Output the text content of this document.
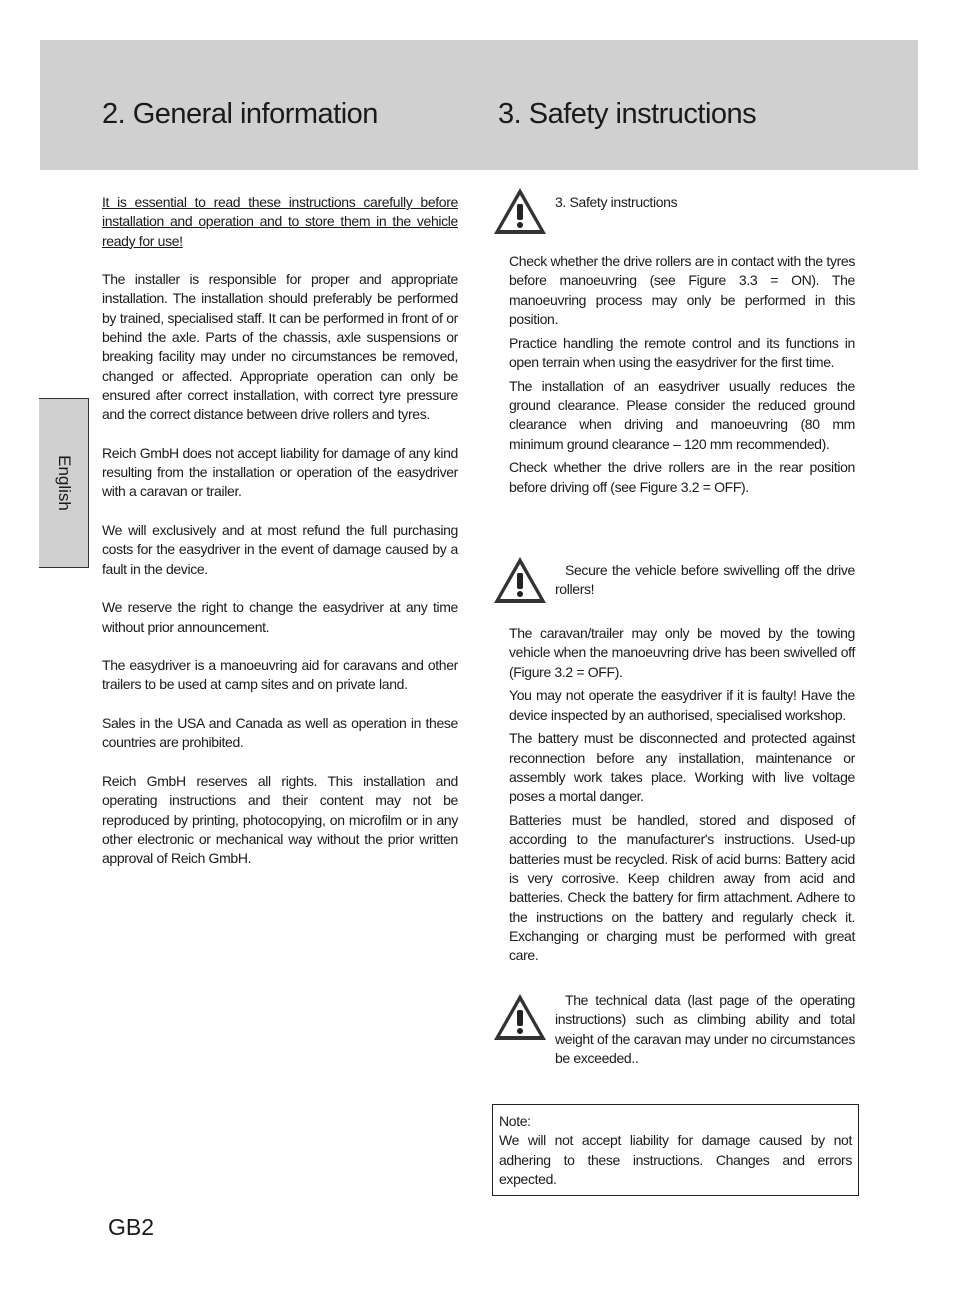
2. General information	3. Safety instructions
English

It is essential to read these instructions carefully before installation and operation and to store them in the vehicle ready for use!

The installer is responsible for proper and appropriate installation. The installation should preferably be performed by trained, specialised staff. It can be performed in front of or behind the axle. Parts of the chassis, axle suspensions or breaking facility may under no circumstances be removed, changed or affected. Appropriate operation can only be ensured after correct installation, with correct tyre pressure and the correct distance between drive rollers and tyres.

Reich GmbH does not accept liability for damage of any kind resulting from the installation or operation of the easydriver with a caravan or trailer.

We will exclusively and at most refund the full purchasing costs for the easydriver in the event of damage caused by a fault in the device.

We reserve the right to change the easydriver at any time without prior announcement.

The easydriver is a manoeuvring aid for caravans and other trailers to be used at camp sites and on private land.

Sales in the USA and Canada as well as operation in these countries are prohibited.

Reich GmbH reserves all rights. This installation and operating instructions and their content may not be reproduced by printing, photocopying, on microfilm or in any other electronic or mechanical way without the prior written approval of Reich GmbH.

3. Safety instructions

Check whether the drive rollers are in contact with the tyres before manoeuvring (see Figure 3.3 = ON). The manoeuvring process may only be performed in this position.

Practice handling the remote control and its functions in open terrain when using the easydriver for the first time.

The installation of an easydriver usually reduces the ground clearance. Please consider the reduced ground clearance when driving and manoeuvring (80 mm minimum ground clearance – 120 mm recommended).

Check whether the drive rollers are in the rear position before driving off (see Figure 3.2 = OFF).

Secure the vehicle before swivelling off the drive rollers!

The caravan/trailer may only be moved by the towing vehicle when the manoeuvring drive has been swivelled off (Figure 3.2 = OFF).

You may not operate the easydriver if it is faulty! Have the device inspected by an authorised, specialised workshop.

The battery must be disconnected and protected against reconnection before any installation, maintenance or assembly work takes place. Working with live voltage poses a mortal danger.

Batteries must be handled, stored and disposed of according to the manufacturer's instructions. Used-up batteries must be recycled. Risk of acid burns: Battery acid is very corrosive. Keep children away from acid and batteries. Check the battery for firm attachment. Adhere to the instructions on the battery and regularly check it. Exchanging or charging must be performed with great care.

The technical data (last page of the operating instructions) such as climbing ability and total weight of the caravan may under no circumstances be exceeded..
Note:
We will not accept liability for damage caused by not adhering to these instructions. Changes and errors expected.
GB2
